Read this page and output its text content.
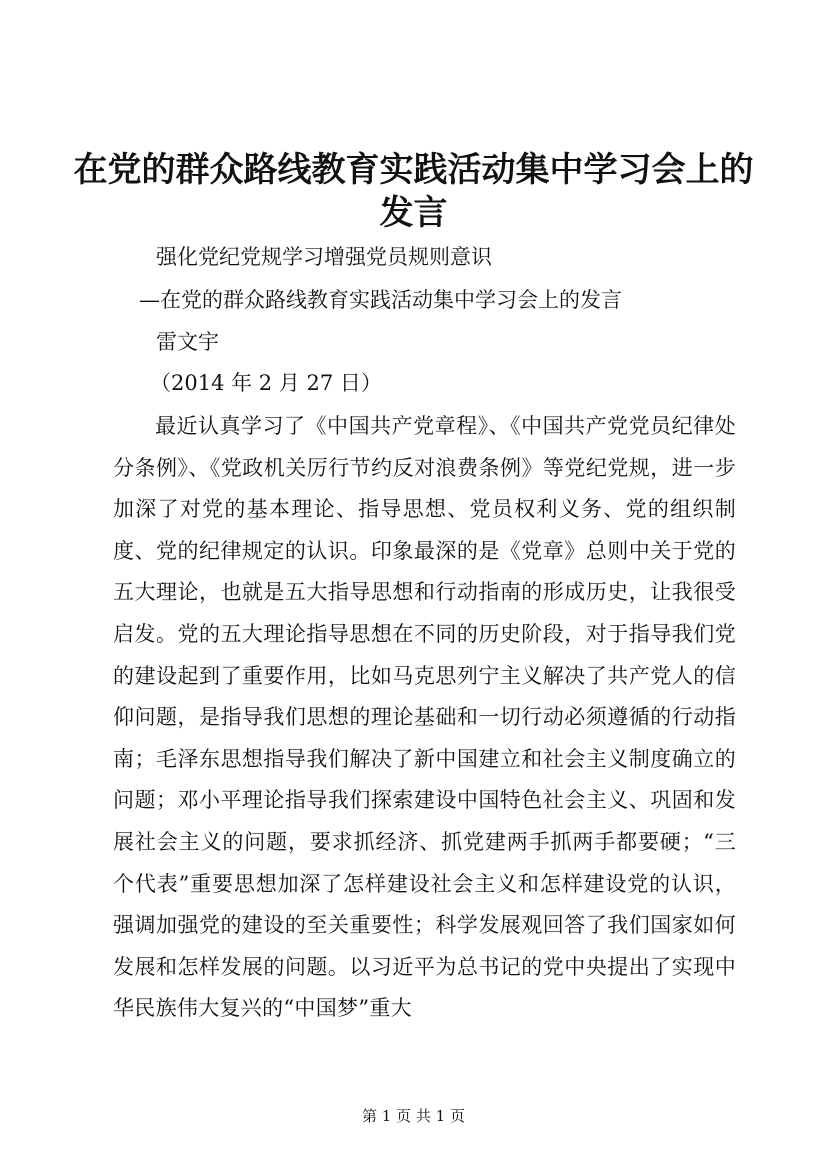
在党的群众路线教育实践活动集中学习会上的
发言

强化党纪党规学习增强党员规则意识

—在党的群众路线教育实践活动集中学习会上的发言

雷文宇

（2014 年 2 月 27 日）

最近认真学习了《中国共产党章程》、《中国共产党党员纪律处分条例》、《党政机关厉行节约反对浪费条例》等党纪党规，进一步加深了对党的基本理论、指导思想、党员权利义务、党的组织制度、党的纪律规定的认识。印象最深的是《党章》总则中关于党的五大理论，也就是五大指导思想和行动指南的形成历史，让我很受启发。党的五大理论指导思想在不同的历史阶段，对于指导我们党的建设起到了重要作用，比如马克思列宁主义解决了共产党人的信仰问题，是指导我们思想的理论基础和一切行动必须遵循的行动指南；毛泽东思想指导我们解决了新中国建立和社会主义制度确立的问题；邓小平理论指导我们探索建设中国特色社会主义、巩固和发展社会主义的问题，要求抓经济、抓党建两手抓两手都要硬；“三个代表”重要思想加深了怎样建设社会主义和怎样建设党的认识，强调加强党的建设的至关重要性；科学发展观回答了我们国家如何发展和怎样发展的问题。以习近平为总书记的党中央提出了实现中华民族伟大复兴的“中国梦”重大

第 1 页 共 1 页
